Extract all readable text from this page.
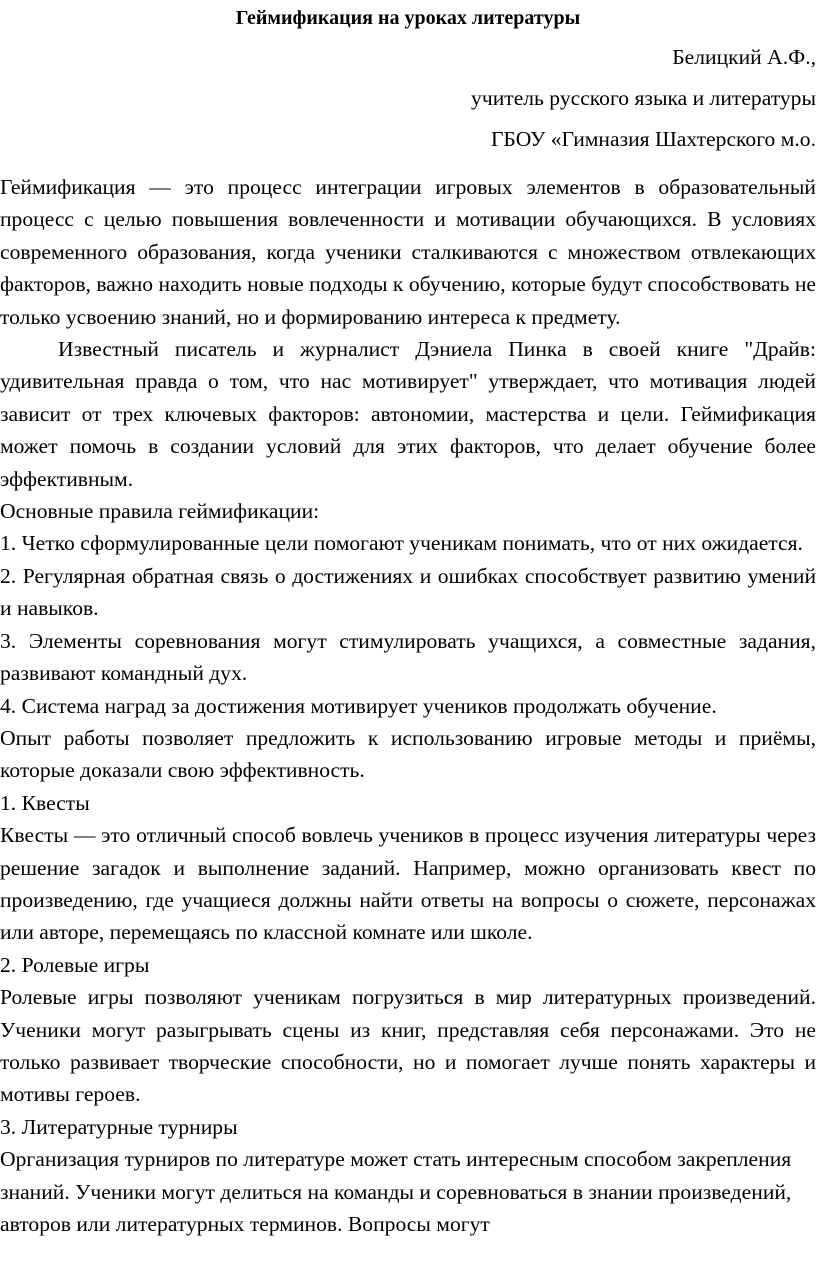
Геймификация на уроках литературы

Белицкий А.Ф.,

учитель русского языка и литературы

ГБОУ «Гимназия Шахтерского м.о.

Геймификация — это процесс интеграции игровых элементов в образовательный процесс с целью повышения вовлеченности и мотивации обучающихся. В условиях современного образования, когда ученики сталкиваются с множеством отвлекающих факторов, важно находить новые подходы к обучению, которые будут способствовать не только усвоению знаний, но и формированию интереса к предмету.

Известный писатель и журналист Дэниела Пинка в своей книге "Драйв: удивительная правда о том, что нас мотивирует" утверждает, что мотивация людей зависит от трех ключевых факторов: автономии, мастерства и цели. Геймификация может помочь в создании условий для этих факторов, что делает обучение более эффективным.

Основные правила геймификации:

1. Четко сформулированные цели помогают ученикам понимать, что от них ожидается.

2. Регулярная обратная связь о достижениях и ошибках способствует развитию умений и навыков.

3. Элементы соревнования могут стимулировать учащихся, а совместные задания, развивают командный дух.

4. Система наград за достижения мотивирует учеников продолжать обучение.

Опыт работы позволяет предложить к использованию игровые методы и приёмы, которые доказали свою эффективность.

1. Квесты

Квесты — это отличный способ вовлечь учеников в процесс изучения литературы через решение загадок и выполнение заданий. Например, можно организовать квест по произведению, где учащиеся должны найти ответы на вопросы о сюжете, персонажах или авторе, перемещаясь по классной комнате или школе.

2. Ролевые игры

Ролевые игры позволяют ученикам погрузиться в мир литературных произведений. Ученики могут разыгрывать сцены из книг, представляя себя персонажами. Это не только развивает творческие способности, но и помогает лучше понять характеры и мотивы героев.

3. Литературные турниры

Организация турниров по литературе может стать интересным способом закрепления знаний. Ученики могут делиться на команды и соревноваться в знании произведений, авторов или литературных терминов. Вопросы могут
